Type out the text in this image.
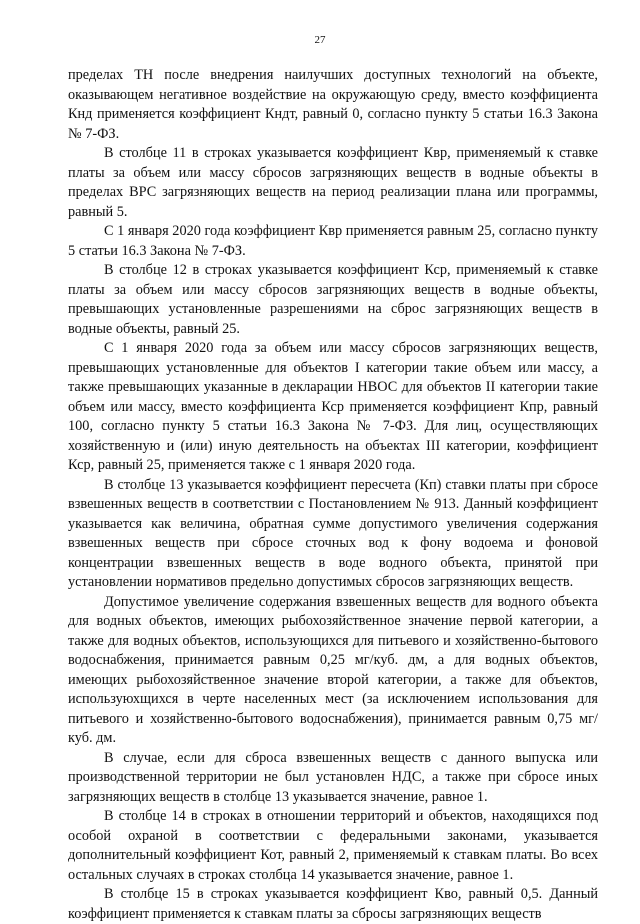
27

пределах ТН после внедрения наилучших доступных технологий на объекте, оказывающем негативное воздействие на окружающую среду, вместо коэффициента Кнд применяется коэффициент Кндт, равный 0, согласно пункту 5 статьи 16.3 Закона № 7-ФЗ.

В столбце 11 в строках указывается коэффициент Квр, применяемый к ставке платы за объем или массу сбросов загрязняющих веществ в водные объекты в пределах ВРС загрязняющих веществ на период реализации плана или программы, равный 5.

С 1 января 2020 года коэффициент Квр применяется равным 25, согласно пункту 5 статьи 16.3 Закона № 7-ФЗ.

В столбце 12 в строках указывается коэффициент Кср, применяемый к ставке платы за объем или массу сбросов загрязняющих веществ в водные объекты, превышающих установленные разрешениями на сброс загрязняющих веществ в водные объекты, равный 25.

С 1 января 2020 года за объем или массу сбросов загрязняющих веществ, превышающих установленные для объектов I категории такие объем или массу, а также превышающих указанные в декларации НВОС для объектов II категории такие объем или массу, вместо коэффициента Кср применяется коэффициент Кпр, равный 100, согласно пункту 5 статьи 16.3 Закона № 7-ФЗ. Для лиц, осуществляющих хозяйственную и (или) иную деятельность на объектах III категории, коэффициент Кср, равный 25, применяется также с 1 января 2020 года.

В столбце 13 указывается коэффициент пересчета (Кп) ставки платы при сбросе взвешенных веществ в соответствии с Постановлением № 913. Данный коэффициент указывается как величина, обратная сумме допустимого увеличения содержания взвешенных веществ при сбросе сточных вод к фону водоема и фоновой концентрации взвешенных веществ в воде водного объекта, принятой при установлении нормативов предельно допустимых сбросов загрязняющих веществ.

Допустимое увеличение содержания взвешенных веществ для водного объекта для водных объектов, имеющих рыбохозяйственное значение первой категории, а также для водных объектов, использующихся для питьевого и хозяйственно-бытового водоснабжения, принимается равным 0,25 мг/куб. дм, а для водных объектов, имеющих рыбохозяйственное значение второй категории, а также для объектов, используюхщихся в черте населенных мест (за исключением использования для питьевого и хозяйственно-бытового водоснабжения), принимается равным 0,75 мг/ куб. дм.

В случае, если для сброса взвешенных веществ с данного выпуска или производственной территории не был установлен НДС, а также при сбросе иных загрязняющих веществ в столбце 13 указывается значение, равное 1.

В столбце 14 в строках в отношении территорий и объектов, находящихся под особой охраной в соответствии с федеральными законами, указывается дополнительный коэффициент Кот, равный 2, применяемый к ставкам платы. Во всех остальных случаях в строках столбца 14 указывается значение, равное 1.

В столбце 15 в строках указывается коэффициент Кво, равный 0,5. Данный коэффициент применяется к ставкам платы за сбросы загрязняющих веществ
